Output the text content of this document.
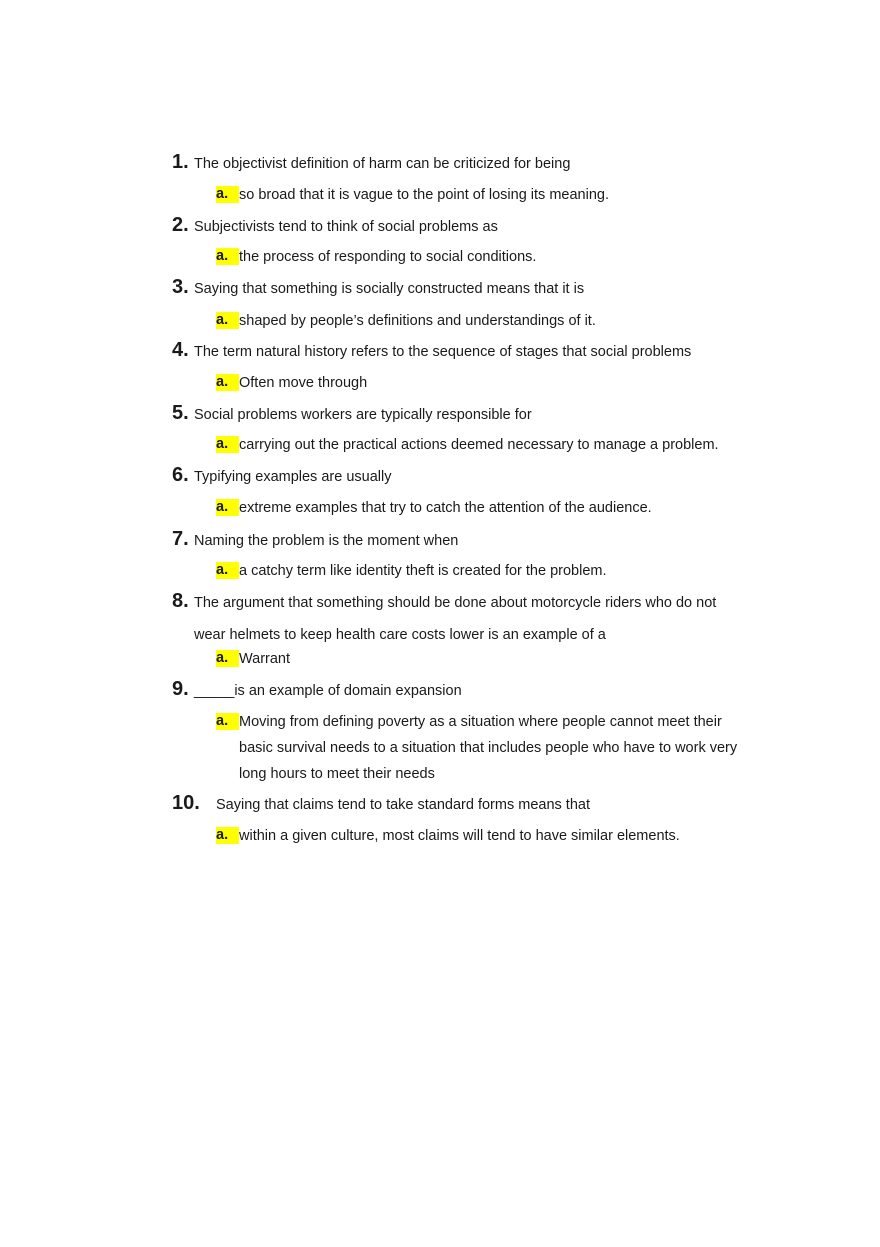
1. The objectivist definition of harm can be criticized for being
a. so broad that it is vague to the point of losing its meaning.
2. Subjectivists tend to think of social problems as
a. the process of responding to social conditions.
3. Saying that something is socially constructed means that it is
a. shaped by people’s definitions and understandings of it.
4. The term natural history refers to the sequence of stages that social problems
a. Often move through
5. Social problems workers are typically responsible for
a. carrying out the practical actions deemed necessary to manage a problem.
6. Typifying examples are usually
a. extreme examples that try to catch the attention of the audience.
7. Naming the problem is the moment when
a. a catchy term like identity theft is created for the problem.
8. The argument that something should be done about motorcycle riders who do not
wear helmets to keep health care costs lower is an example of a
a. Warrant
9. _____is an example of domain expansion
a. Moving from defining poverty as a situation where people cannot meet their
basic survival needs to a situation that includes people who have to work very
long hours to meet their needs
10. Saying that claims tend to take standard forms means that
a. within a given culture, most claims will tend to have similar elements.
